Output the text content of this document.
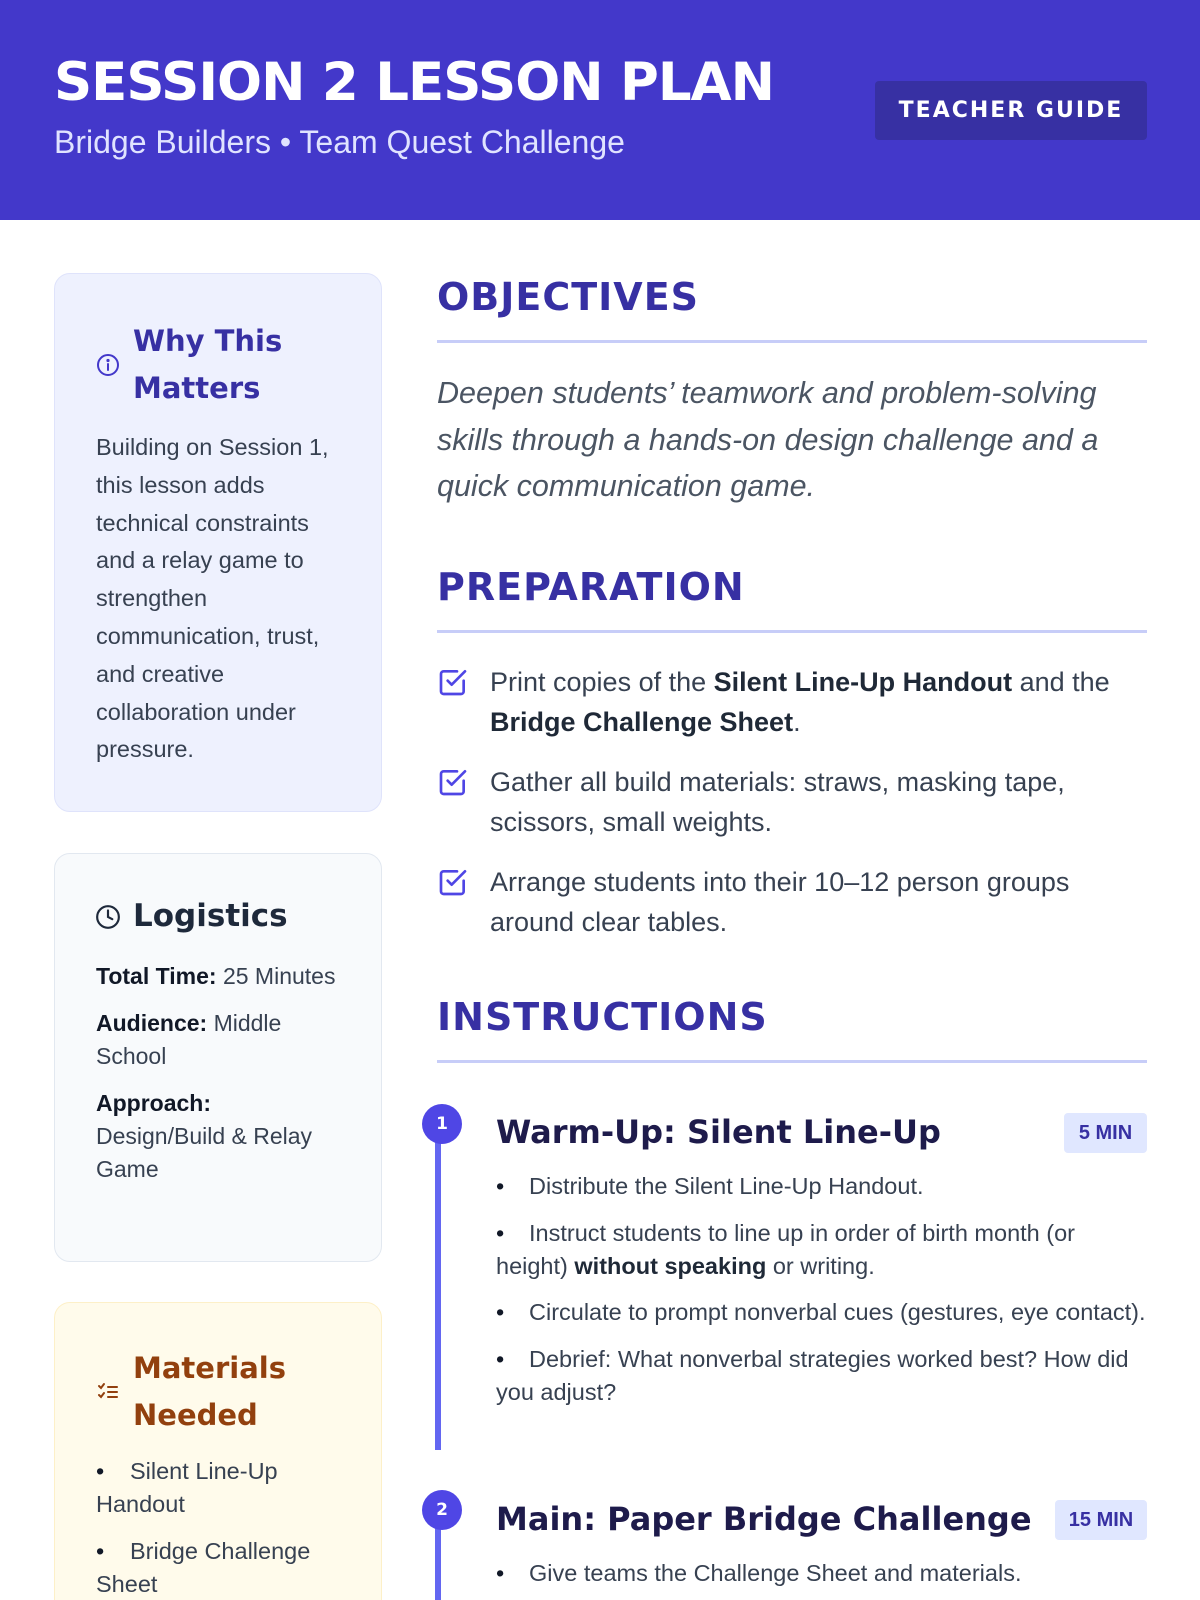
SESSION 2 LESSON PLAN
Bridge Builders • Team Quest Challenge
TEACHER GUIDE
Why This Matters
Building on Session 1, this lesson adds technical constraints and a relay game to strengthen communication, trust, and creative collaboration under pressure.
Logistics
Total Time: 25 Minutes
Audience: Middle School
Approach:
Design/Build & Relay Game
Materials Needed
• Silent Line-Up Handout
• Bridge Challenge Sheet
OBJECTIVES
Deepen students’ teamwork and problem-solving skills through a hands-on design challenge and a quick communication game.
PREPARATION
Print copies of the Silent Line-Up Handout and the Bridge Challenge Sheet.
Gather all build materials: straws, masking tape, scissors, small weights.
Arrange students into their 10–12 person groups around clear tables.
INSTRUCTIONS
1	Warm-Up: Silent Line-Up	5 MIN
• Distribute the Silent Line-Up Handout.
• Instruct students to line up in order of birth month (or height) without speaking or writing.
• Circulate to prompt nonverbal cues (gestures, eye contact).
• Debrief: What nonverbal strategies worked best? How did you adjust?
2	Main: Paper Bridge Challenge	15 MIN
• Give teams the Challenge Sheet and materials.
